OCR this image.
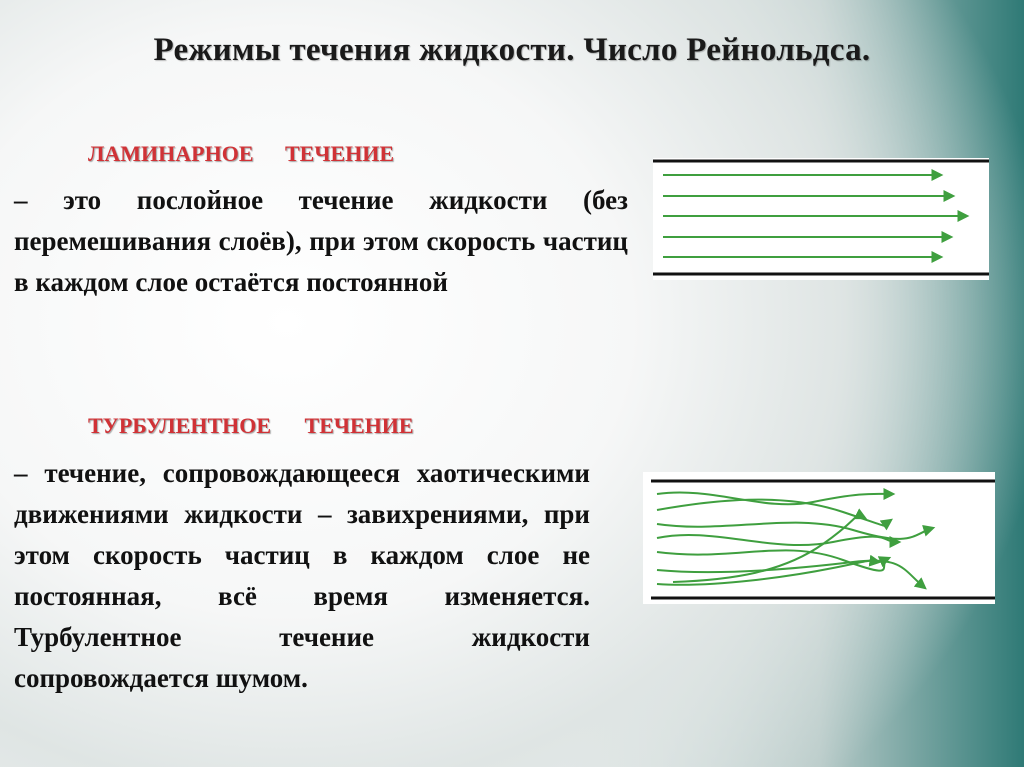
Режимы течения жидкости. Число Рейнольдса.
ЛАМИНАРНОЕ ТЕЧЕНИЕ
– это послойное течение жидкости (без перемешивания слоёв), при этом скорость частиц в каждом слое остаётся постоянной
ТУРБУЛЕНТНОЕ ТЕЧЕНИЕ
– течение, сопровождающееся хаотическими движениями жидкости – завихрениями, при этом скорость частиц в каждом слое не постоянная, всё время изменяется. Турбулентное течение жидкости сопровождается шумом.
